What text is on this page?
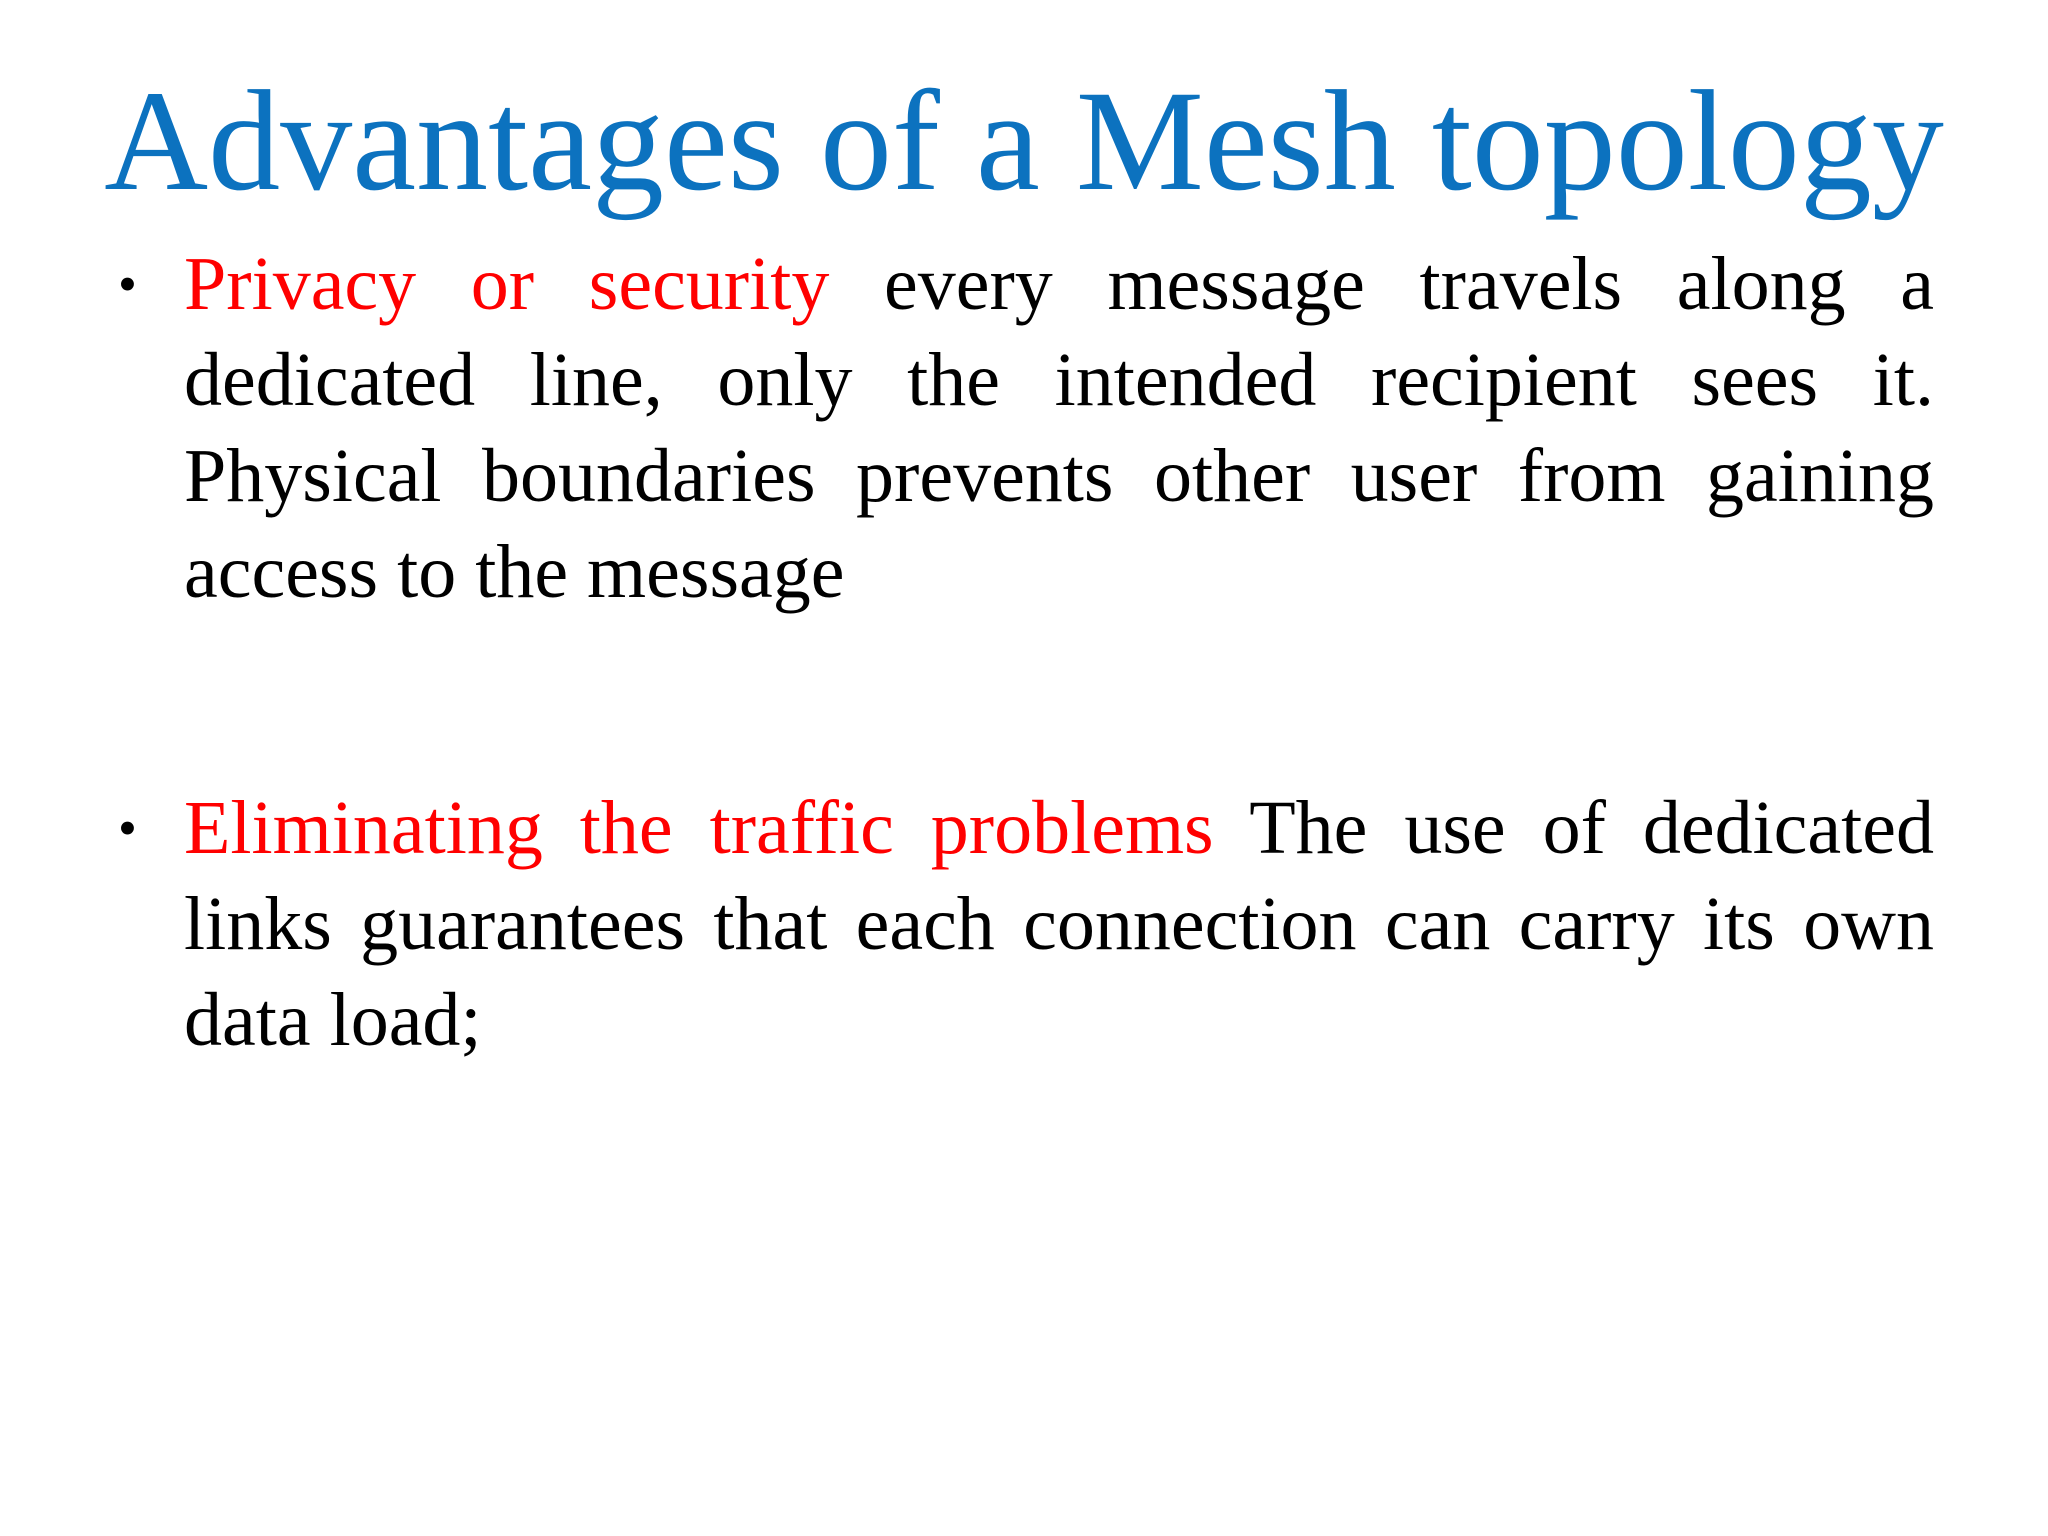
Advantages of a Mesh topology
• Privacy or security every message travels along a dedicated line, only the intended recipient sees it. Physical boundaries prevents other user from gaining access to the message
• Eliminating the traffic problems The use of dedicated links guarantees that each connection can carry its own data load;
